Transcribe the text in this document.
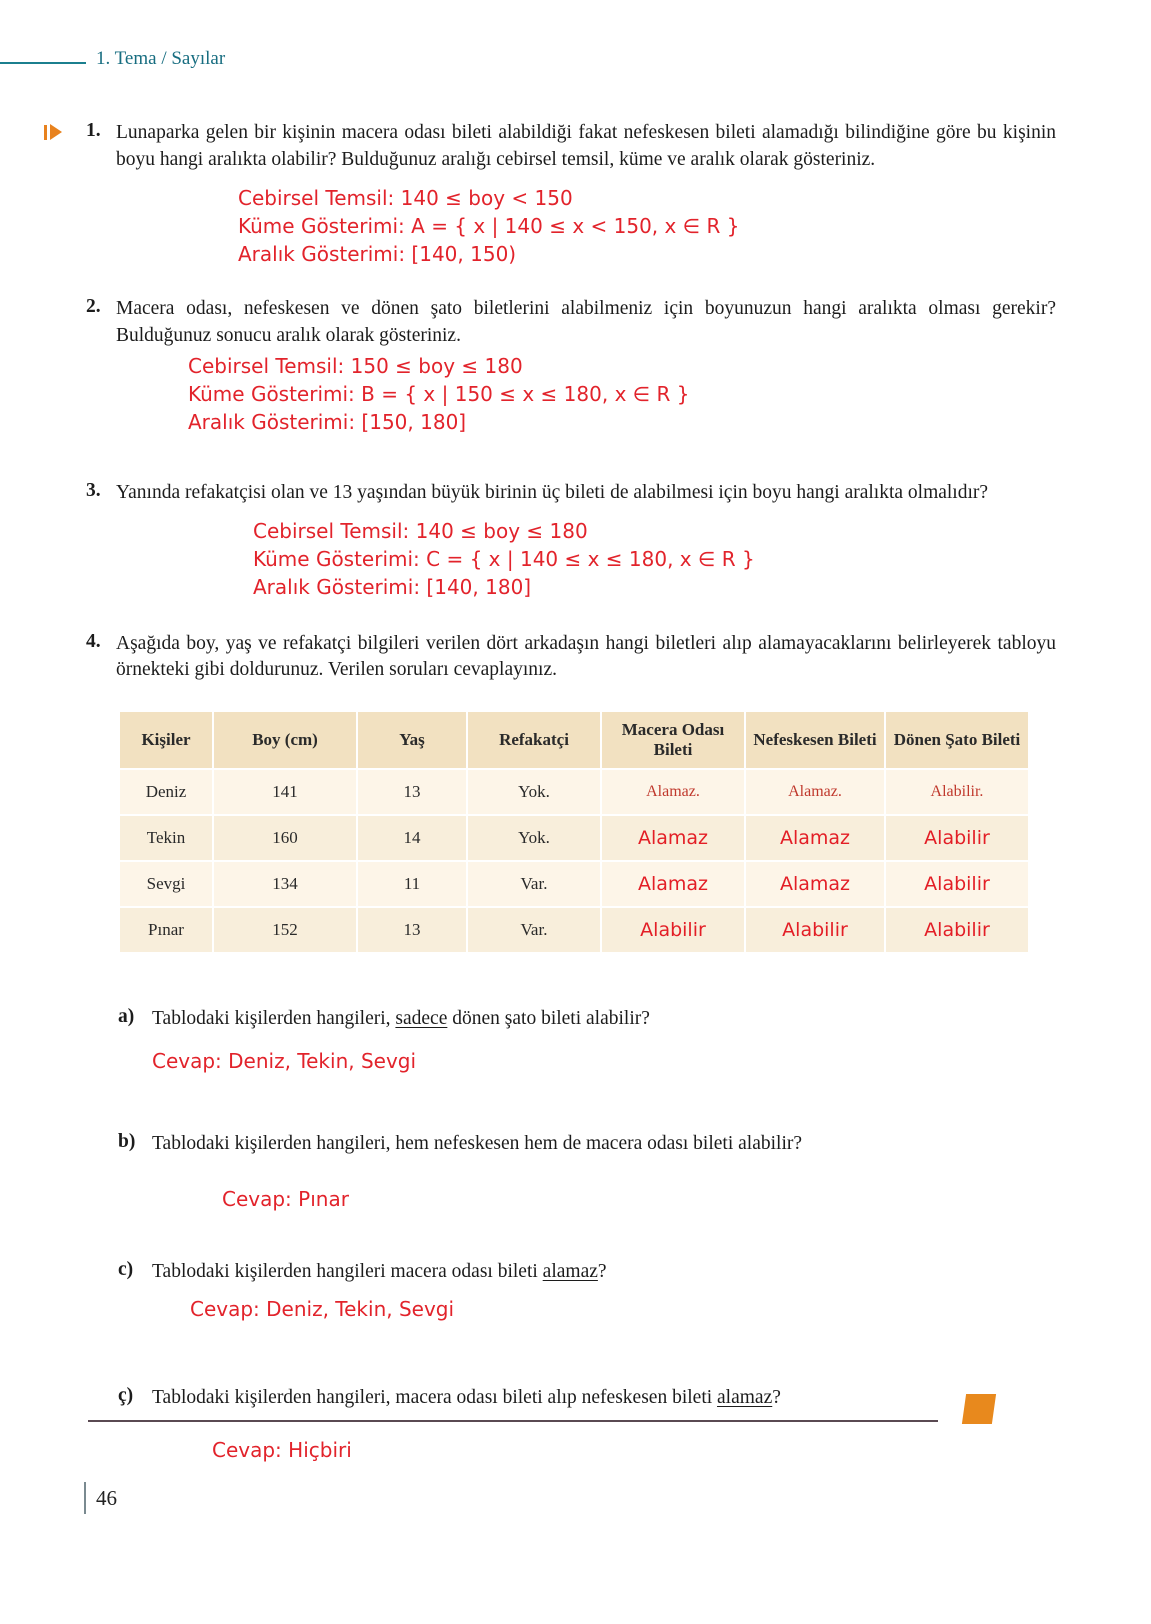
1. Tema / Sayılar
1. Lunaparka gelen bir kişinin macera odası bileti alabildiği fakat nefeskesen bileti alamadığı bilindiğine göre bu kişinin boyu hangi aralıkta olabilir? Bulduğunuz aralığı cebirsel temsil, küme ve aralık olarak gösteriniz.
Cebirsel Temsil: 140 ≤ boy < 150
Küme Gösterimi: A = { x | 140 ≤ x < 150, x ∈ R }
Aralık Gösterimi: [140, 150)
2. Macera odası, nefeskesen ve dönen şato biletlerini alabilmeniz için boyunuzun hangi aralıkta olması gerekir? Bulduğunuz sonucu aralık olarak gösteriniz.
Cebirsel Temsil: 150 ≤ boy ≤ 180
Küme Gösterimi: B = { x | 150 ≤ x ≤ 180, x ∈ R }
Aralık Gösterimi: [150, 180]
3. Yanında refakatçisi olan ve 13 yaşından büyük birinin üç bileti de alabilmesi için boyu hangi aralıkta olmalıdır?
Cebirsel Temsil: 140 ≤ boy ≤ 180
Küme Gösterimi: C = { x | 140 ≤ x ≤ 180, x ∈ R }
Aralık Gösterimi: [140, 180]
4. Aşağıda boy, yaş ve refakatçi bilgileri verilen dört arkadaşın hangi biletleri alıp alamayacaklarını belirleyerek tabloyu örnekteki gibi doldurunuz. Verilen soruları cevaplayınız.
Kişiler	Boy (cm)	Yaş	Refakatçi	Macera Odası Bileti	Nefeskesen Bileti	Dönen Şato Bileti
Deniz	141	13	Yok.	Alamaz.	Alamaz.	Alabilir.
Tekin	160	14	Yok.	Alamaz	Alamaz	Alabilir
Sevgi	134	11	Var.	Alamaz	Alamaz	Alabilir
Pınar	152	13	Var.	Alabilir	Alabilir	Alabilir
a) Tablodaki kişilerden hangileri, sadece dönen şato bileti alabilir?
Cevap: Deniz, Tekin, Sevgi
b) Tablodaki kişilerden hangileri, hem nefeskesen hem de macera odası bileti alabilir?
Cevap: Pınar
c) Tablodaki kişilerden hangileri macera odası bileti alamaz?
Cevap: Deniz, Tekin, Sevgi
ç) Tablodaki kişilerden hangileri, macera odası bileti alıp nefeskesen bileti alamaz?
Cevap: Hiçbiri
46
